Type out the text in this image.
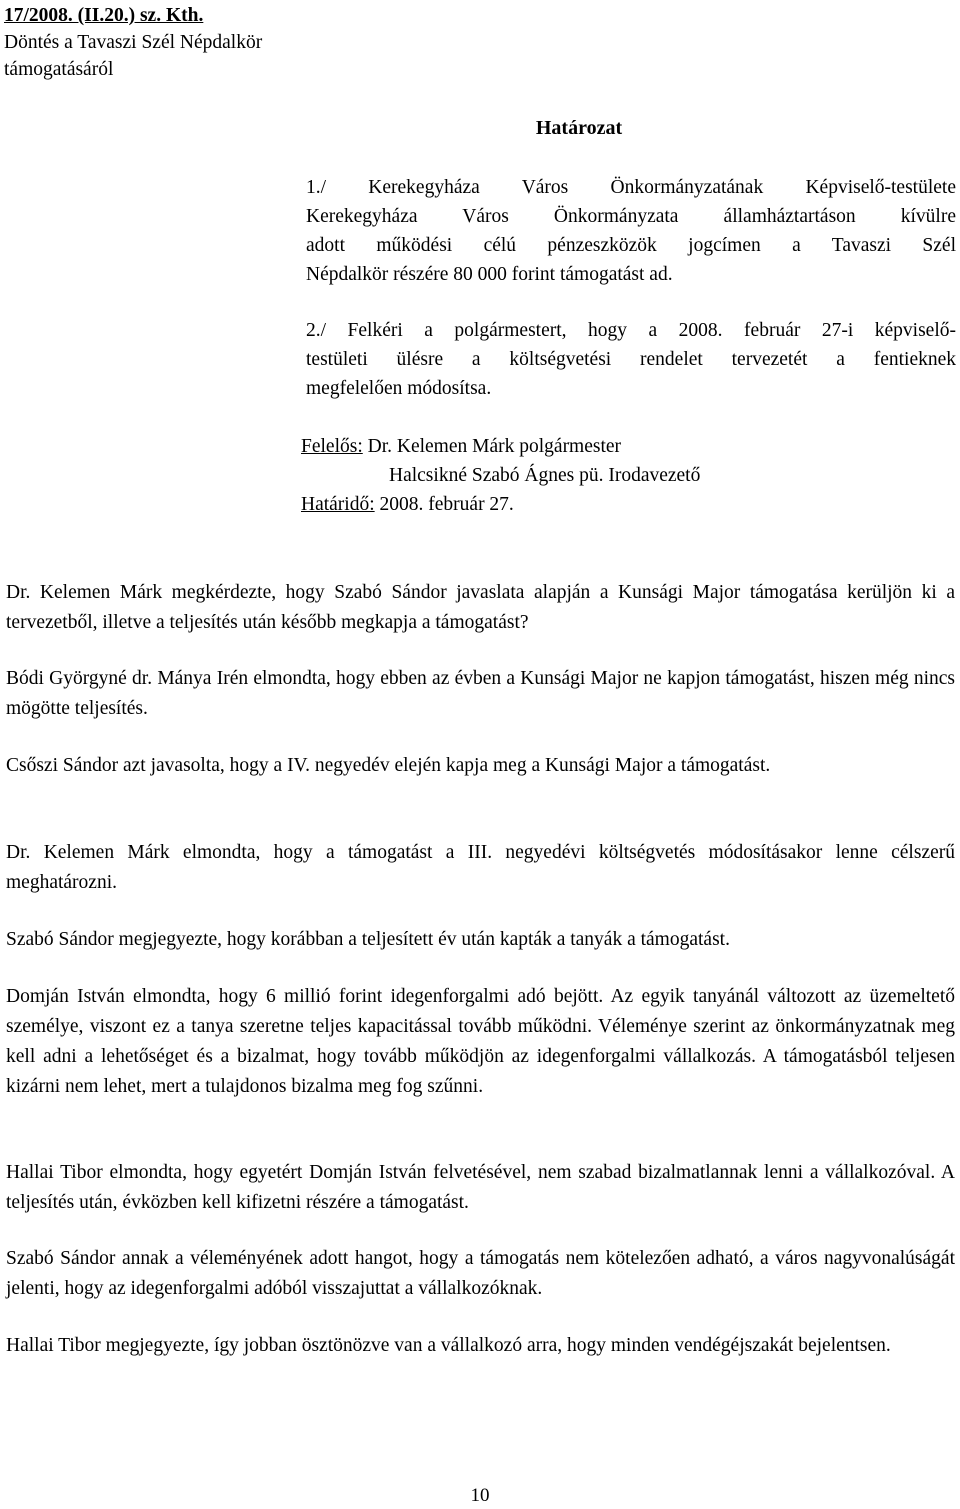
17/2008. (II.20.) sz. Kth.
Döntés a Tavaszi Szél Népdalkör
támogatásáról
Határozat
1./ Kerekegyháza Város Önkormányzatának Képviselő-testülete
Kerekegyháza Város Önkormányzata államháztartáson kívülre
adott működési célú pénzeszközök jogcímen a Tavaszi Szél
Népdalkör részére 80 000 forint támogatást ad.
2./ Felkéri a polgármestert, hogy a 2008. február 27-i képviselő-
testületi ülésre a költségvetési rendelet tervezetét a fentieknek
megfelelően módosítsa.
Felelős: Dr. Kelemen Márk polgármester
Halcsikné Szabó Ágnes pü. Irodavezető
Határidő: 2008. február 27.

Dr. Kelemen Márk megkérdezte, hogy Szabó Sándor javaslata alapján a Kunsági Major támogatása kerüljön ki a tervezetből, illetve a teljesítés után később megkapja a támogatást?

Bódi Györgyné dr. Mánya Irén elmondta, hogy ebben az évben a Kunsági Major ne kapjon támogatást, hiszen még nincs mögötte teljesítés.

Csőszi Sándor azt javasolta, hogy a IV. negyedév elején kapja meg a Kunsági Major a támogatást.

Dr. Kelemen Márk elmondta, hogy a támogatást a III. negyedévi költségvetés módosításakor lenne célszerű meghatározni.

Szabó Sándor megjegyezte, hogy korábban a teljesített év után kapták a tanyák a támogatást.

Domján István elmondta, hogy 6 millió forint idegenforgalmi adó bejött. Az egyik tanyánál változott az üzemeltető személye, viszont ez a tanya szeretne teljes kapacitással tovább működni. Véleménye szerint az önkormányzatnak meg kell adni a lehetőséget és a bizalmat, hogy tovább működjön az idegenforgalmi vállalkozás. A támogatásból teljesen kizárni nem lehet, mert a tulajdonos bizalma meg fog szűnni.

Hallai Tibor elmondta, hogy egyetért Domján István felvetésével, nem szabad bizalmatlannak lenni a vállalkozóval. A teljesítés után, évközben kell kifizetni részére a támogatást.

Szabó Sándor annak a véleményének adott hangot, hogy a támogatás nem kötelezően adható, a város nagyvonalúságát jelenti, hogy az idegenforgalmi adóból visszajuttat a vállalkozóknak.

Hallai Tibor megjegyezte, így jobban ösztönözve van a vállalkozó arra, hogy minden vendégéjszakát bejelentsen.

10
